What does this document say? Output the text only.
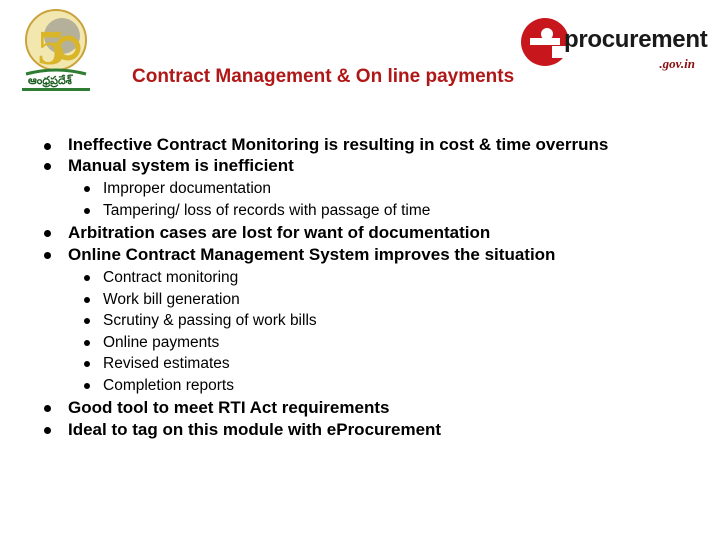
5
ఆంధ్రప్రదేశ్
procurement
.gov.in
Contract Management & On line payments
Ineffective Contract Monitoring is resulting in cost & time overruns
Manual system is inefficient
Improper documentation
Tampering/ loss of records with passage of time
Arbitration cases are lost for want of documentation
Online Contract Management System improves the situation
Contract monitoring
Work bill generation
Scrutiny & passing of work bills
Online payments
Revised estimates
Completion reports
Good tool to meet RTI Act requirements
Ideal to tag on this module with eProcurement
